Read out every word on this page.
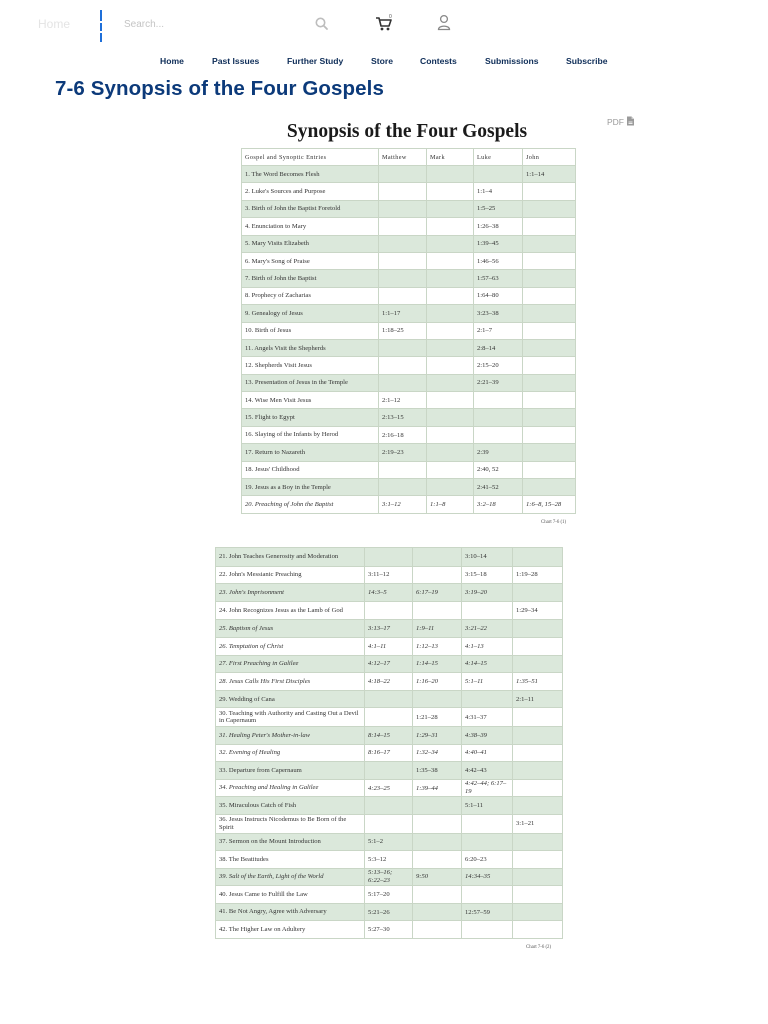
Home
Search...	0
Home	Past Issues	Further Study	Store	Contests	Submissions	Subscribe
7-6 Synopsis of the Four Gospels
PDF
Synopsis of the Four Gospels
Gospel and Synoptic Entries	Matthew	Mark	Luke	John
1. The Word Becomes Flesh				1:1–14
2. Luke's Sources and Purpose			1:1–4	
3. Birth of John the Baptist Foretold			1:5–25	
4. Enunciation to Mary			1:26–38	
5. Mary Visits Elizabeth			1:39–45	
6. Mary's Song of Praise			1:46–56	
7. Birth of John the Baptist			1:57–63	
8. Prophecy of Zacharias			1:64–80	
9. Genealogy of Jesus	1:1–17		3:23–38	
10. Birth of Jesus	1:18–25		2:1–7	
11. Angels Visit the Shepherds			2:8–14	
12. Shepherds Visit Jesus			2:15–20	
13. Presentation of Jesus in the Temple			2:21–39	
14. Wise Men Visit Jesus	2:1–12			
15. Flight to Egypt	2:13–15			
16. Slaying of the Infants by Herod	2:16–18			
17. Return to Nazareth	2:19–23		2:39	
18. Jesus' Childhood			2:40, 52	
19. Jesus as a Boy in the Temple			2:41–52	
20. Preaching of John the Baptist	3:1–12	1:1–8	3:2–18	1:6–8, 15–28
Chart 7-6 (1)
21. John Teaches Generosity and Moderation			3:10–14	
22. John's Messianic Preaching	3:11–12		3:15–18	1:19–28
23. John's Imprisonment	14:3–5	6:17–19	3:19–20	
24. John Recognizes Jesus as the Lamb of God				1:29–34
25. Baptism of Jesus	3:13–17	1:9–11	3:21–22	
26. Temptation of Christ	4:1–11	1:12–13	4:1–13	
27. First Preaching in Galilee	4:12–17	1:14–15	4:14–15	
28. Jesus Calls His First Disciples	4:18–22	1:16–20	5:1–11	1:35–51
29. Wedding of Cana				2:1–11
30. Teaching with Authority and Casting Out a Devil in Capernaum		1:21–28	4:31–37	
31. Healing Peter's Mother-in-law	8:14–15	1:29–31	4:38–39	
32. Evening of Healing	8:16–17	1:32–34	4:40–41	
33. Departure from Capernaum		1:35–38	4:42–43	
34. Preaching and Healing in Galilee	4:23–25	1:39–44	4:42–44; 6:17–19	
35. Miraculous Catch of Fish			5:1–11	
36. Jesus Instructs Nicodemus to Be Born of the Spirit				3:1–21
37. Sermon on the Mount Introduction	5:1–2			
38. The Beatitudes	5:3–12		6:20–23	
39. Salt of the Earth, Light of the World	5:13–16; 6:22–23	9:50	14:34–35	
40. Jesus Came to Fulfill the Law	5:17–20			
41. Be Not Angry, Agree with Adversary	5:21–26		12:57–59	
42. The Higher Law on Adultery	5:27–30			
Chart 7-6 (2)
